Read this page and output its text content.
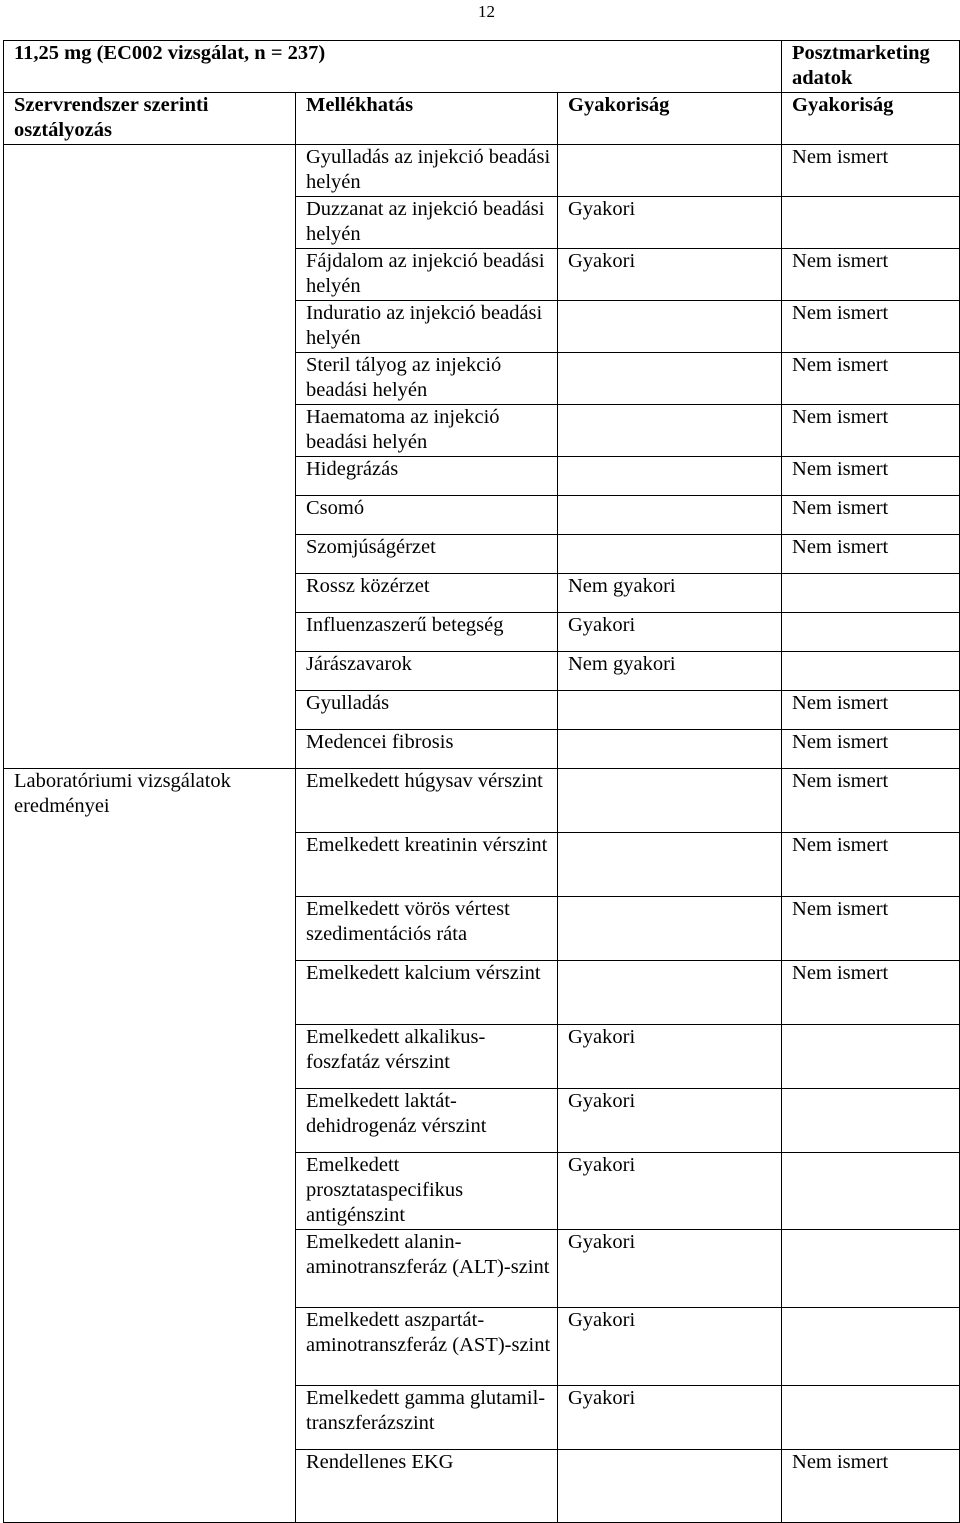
12
11,25 mg (EC002 vizsgálat, n = 237)			Posztmarketing adatok
Szervrendszer szerinti osztályozás	Mellékhatás	Gyakoriság	Gyakoriság
	Gyulladás az injekció beadási helyén		Nem ismert
	Duzzanat az injekció beadási helyén	Gyakori	
	Fájdalom az injekció beadási helyén	Gyakori	Nem ismert
	Induratio az injekció beadási helyén		Nem ismert
	Steril tályog az injekció beadási helyén		Nem ismert
	Haematoma az injekció beadási helyén		Nem ismert
	Hidegrázás		Nem ismert
	Csomó		Nem ismert
	Szomjúságérzet		Nem ismert
	Rossz közérzet	Nem gyakori	
	Influenzaszerű betegség	Gyakori	
	Járászavarok	Nem gyakori	
	Gyulladás		Nem ismert
	Medencei fibrosis		Nem ismert
Laboratóriumi vizsgálatok eredményei	Emelkedett húgysav vérszint		Nem ismert
	Emelkedett kreatinin vérszint		Nem ismert
	Emelkedett vörös vértest szedimentációs ráta		Nem ismert
	Emelkedett kalcium vérszint		Nem ismert
	Emelkedett alkalikus-foszfatáz vérszint	Gyakori	
	Emelkedett laktát-dehidrogenáz vérszint	Gyakori	
	Emelkedett prosztataspecifikus antigénszint	Gyakori	
	Emelkedett alanin-aminotranszferáz (ALT)-szint	Gyakori	
	Emelkedett aszpartát-aminotranszferáz (AST)-szint	Gyakori	
	Emelkedett gamma glutamil-transzferázszint	Gyakori	
	Rendellenes EKG		Nem ismert
